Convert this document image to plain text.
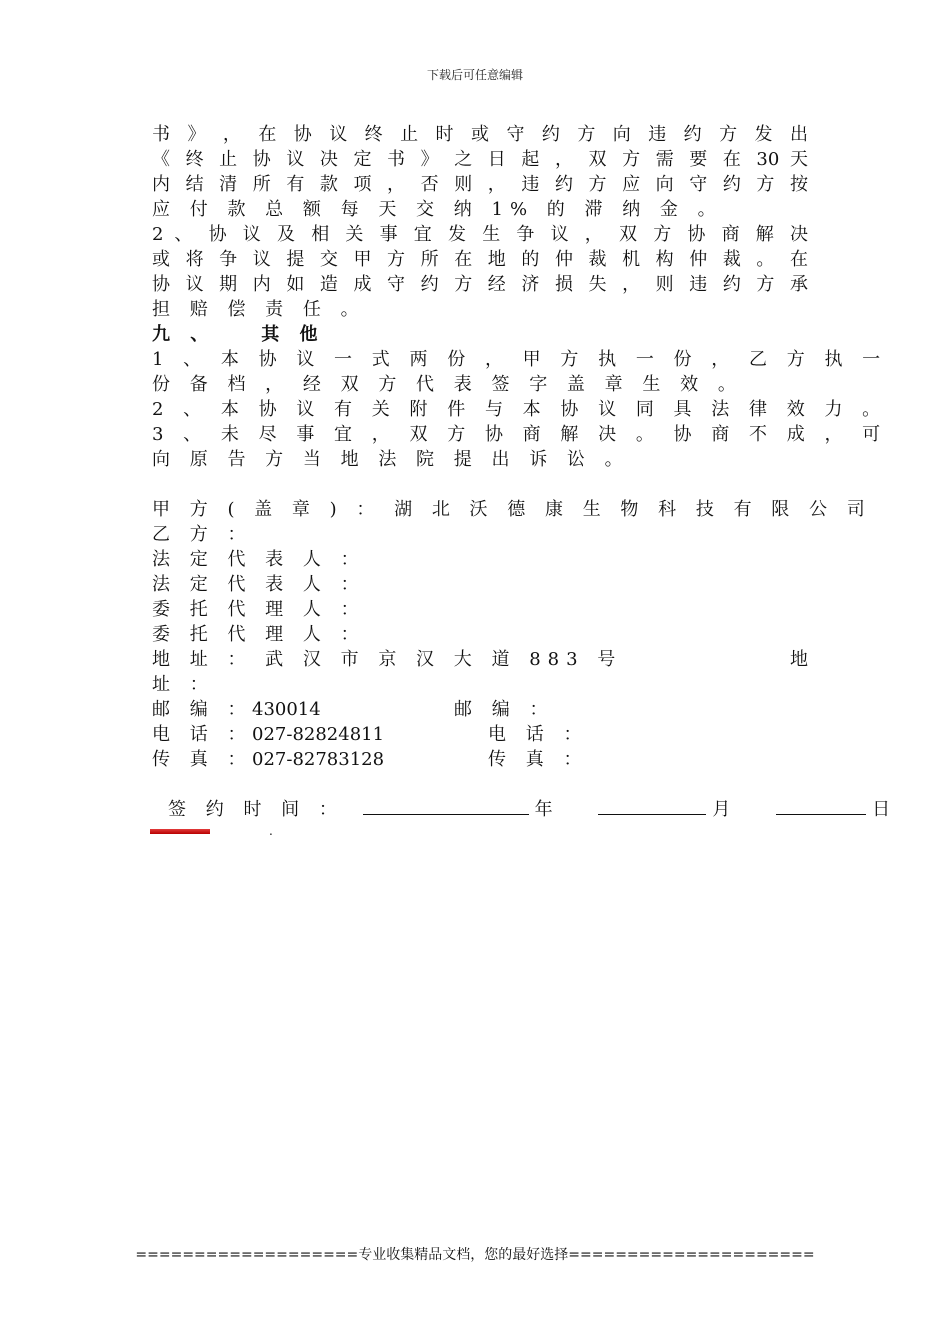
下载后可任意编辑
书 》 ， 在 协 议 终 止 时 或 守 约 方 向 违 约 方 发 出
《 终 止 协 议 决 定 书 》 之 日 起 ， 双 方 需 要 在 30 天
内 结 清 所 有 款 项 ， 否 则 ， 违 约 方 应 向 守 约 方 按
应 付 款 总 额 每 天 交 纳 1% 的 滞 纳 金 。
2 、 协 议 及 相 关 事 宜 发 生 争 议 ， 双 方 协 商 解 决
或 将 争 议 提 交 甲 方 所 在 地 的 仲 裁 机 构 仲 裁 。 在
协 议 期 内 如 造 成 守 约 方 经 济 损 失 ， 则 违 约 方 承
担 赔 偿 责 任 。
九 、	其 他
1 、 本 协 议 一 式 两 份 ， 甲 方 执 一 份 ， 乙 方 执 一
份 备 档 ， 经 双 方 代 表 签 字 盖 章 生 效 。
2 、 本 协 议 有 关 附 件 与 本 协 议 同 具 法 律 效 力 。
3 、 未 尽 事 宜 ， 双 方 协 商 解 决 。 协 商 不 成 ， 可
向 原 告 方 当 地 法 院 提 出 诉 讼 。
甲 方 ( 盖 章 ) ： 湖 北 沃 德 康 生 物 科 技 有 限 公 司
乙 方 ：
法 定 代 表 人 ：
法 定 代 表 人 ：
委 托 代 理 人 ：
委 托 代 理 人 ：
地 址 ： 武 汉 市 京 汉 大 道 883 号	地
址 ：
邮 编 ： 430014	邮 编 ：
电 话 ： 027-82824811	电 话 ：
传 真 ： 027-82783128	传 真 ：
签 约 时 间 ：	年	月	日
.
===================专业收集精品文档，您的最好选择=====================
